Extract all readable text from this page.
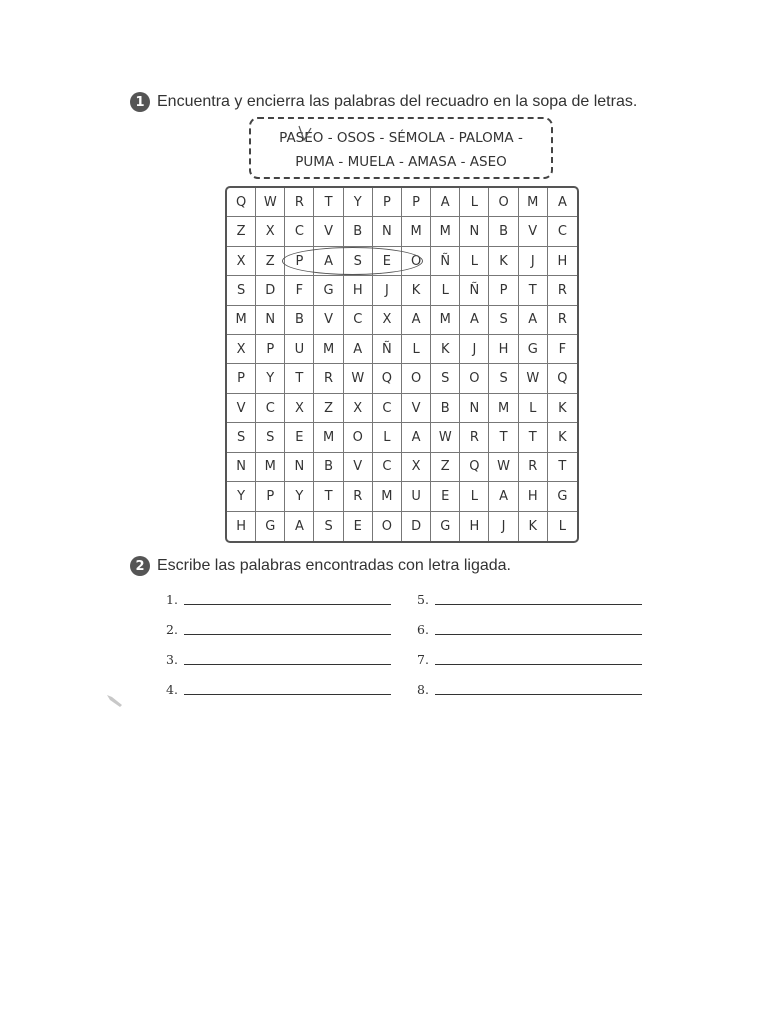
1 Encuentra y encierra las palabras del recuadro en la sopa de letras.
PASEO - OSOS - SÉMOLA - PALOMA -
PUMA - MUELA - AMASA - ASEO
Q	W	R	T	Y	P	P	A	L	O	M	A
Z	X	C	V	B	N	M	M	N	B	V	C
X	Z	P	A	S	E	O	Ñ	L	K	J	H
S	D	F	G	H	J	K	L	Ñ	P	T	R
M	N	B	V	C	X	A	M	A	S	A	R
X	P	U	M	A	Ñ	L	K	J	H	G	F
P	Y	T	R	W	Q	O	S	O	S	W	Q
V	C	X	Z	X	C	V	B	N	M	L	K
S	S	E	M	O	L	A	W	R	T	T	K
N	M	N	B	V	C	X	Z	Q	W	R	T
Y	P	Y	T	R	M	U	E	L	A	H	G
H	G	A	S	E	O	D	G	H	J	K	L
1.
2.
3.
4.
5.
6.
7.
8.
2 Escribe las palabras encontradas con letra ligada.
